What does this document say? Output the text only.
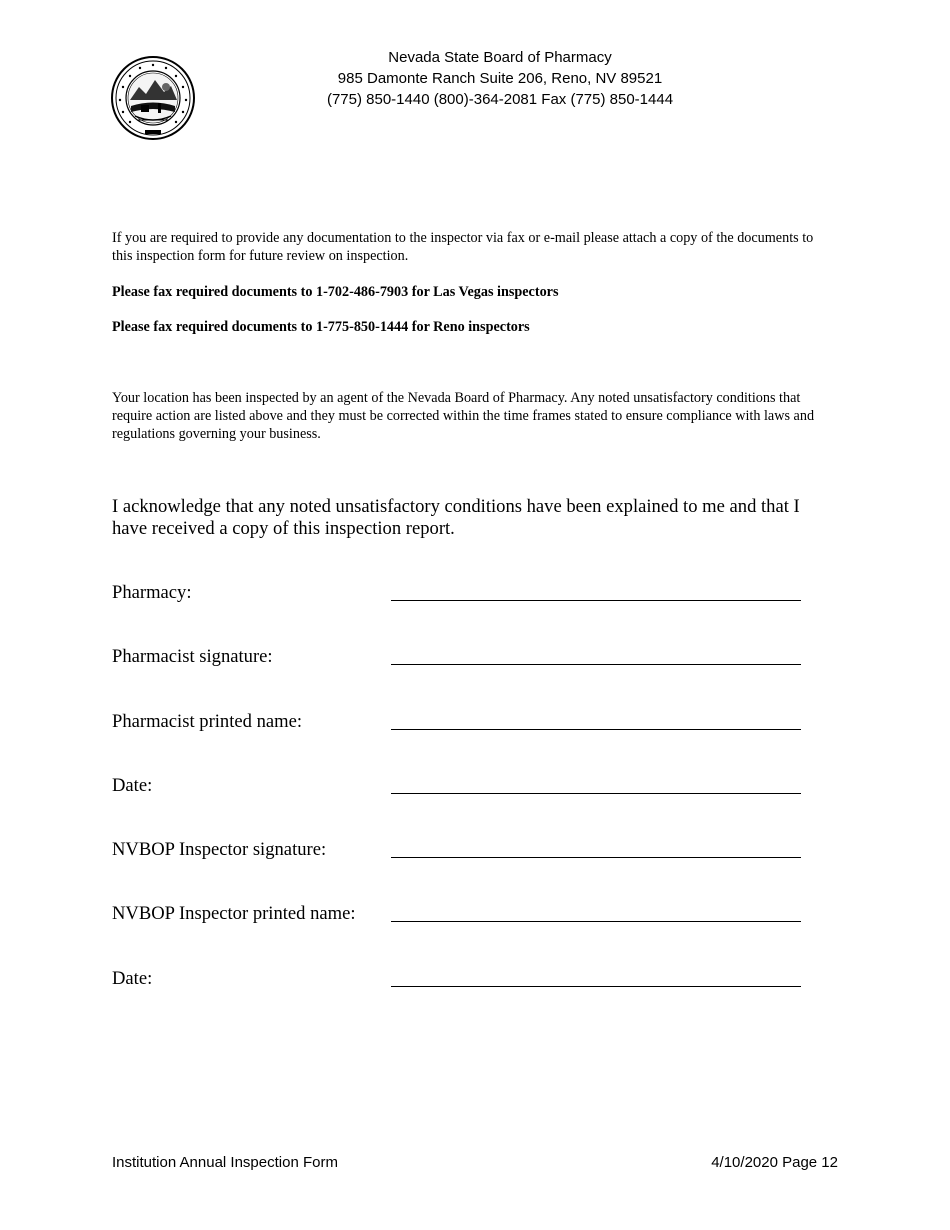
Nevada State Board of Pharmacy
985 Damonte Ranch Suite 206, Reno, NV 89521
(775) 850-1440 (800)-364-2081 Fax (775) 850-1444
If you are required to provide any documentation to the inspector via fax or e-mail please attach a copy of the documents to this inspection form for future review on inspection.
Please fax required documents to 1-702-486-7903 for Las Vegas inspectors
Please fax required documents to 1-775-850-1444 for Reno inspectors
Your location has been inspected by an agent of the Nevada Board of Pharmacy. Any noted unsatisfactory conditions that require action are listed above and they must be corrected within the time frames stated to ensure compliance with laws and regulations governing your business.
I acknowledge that any noted unsatisfactory conditions have been explained to me and that I have received a copy of this inspection report.
Pharmacy:
Pharmacist signature:
Pharmacist printed name:
Date:
NVBOP Inspector signature:
NVBOP Inspector printed name:
Date:
Institution Annual Inspection Form	4/10/2020 Page 12
